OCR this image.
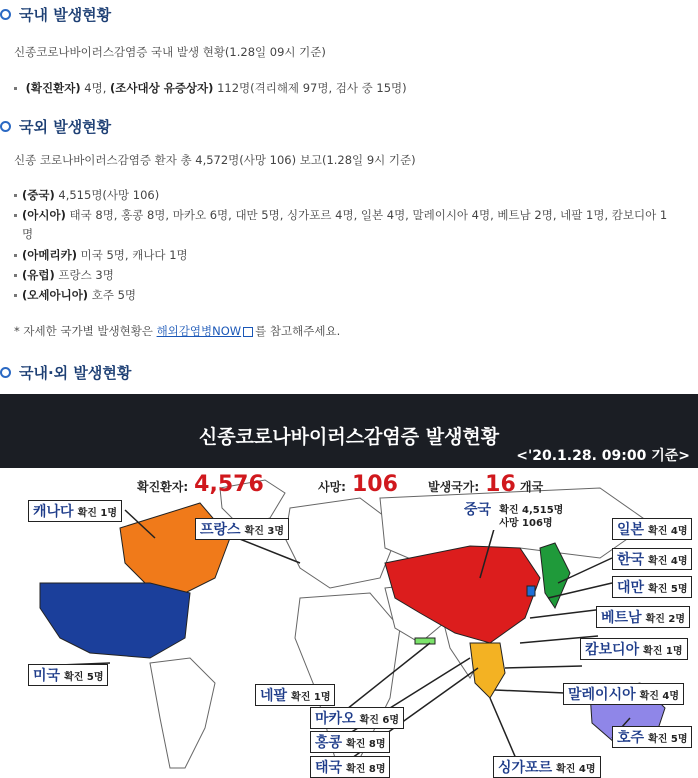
국내 발생현황
신종코로나바이러스감염증 국내 발생 현황(1.28일 09시 기준)
(확진환자) 4명, (조사대상 유증상자) 112명(격리해제 97명, 검사 중 15명)
국외 발생현황
신종 코로나바이러스감염증 환자 총 4,572명(사망 106) 보고(1.28일 9시 기준)
(중국) 4,515명(사망 106)
(아시아) 태국 8명, 홍콩 8명, 마카오 6명, 대만 5명, 싱가포르 4명, 일본 4명, 말레이시아 4명, 베트남 2명, 네팔 1명, 캄보디아 1
명
(아메리카) 미국 5명, 캐나다 1명
(유럽) 프랑스 3명
(오세아니아) 호주 5명
* 자세한 국가별 발생현황은 해외감염병NOW 를 참고해주세요.
국내·외 발생현황
신종코로나바이러스감염증 발생현황
<'20.1.28. 09:00 기준>
확진환자: 4,576	사망: 106	발생국가: 16 개국
캐나다 확진 1명
프랑스 확진 3명
미국 확진 5명
중국 확진 4,515명
사망 106명	일본 확진 4명
한국 확진 4명
대만 확진 5명
베트남 확진 2명
캄보디아 확진 1명
네팔 확진 1명	말레이시아 확진 4명
마카오 확진 6명
홍콩 확진 8명	호주 확진 5명
태국 확진 8명	싱가포르 확진 4명
